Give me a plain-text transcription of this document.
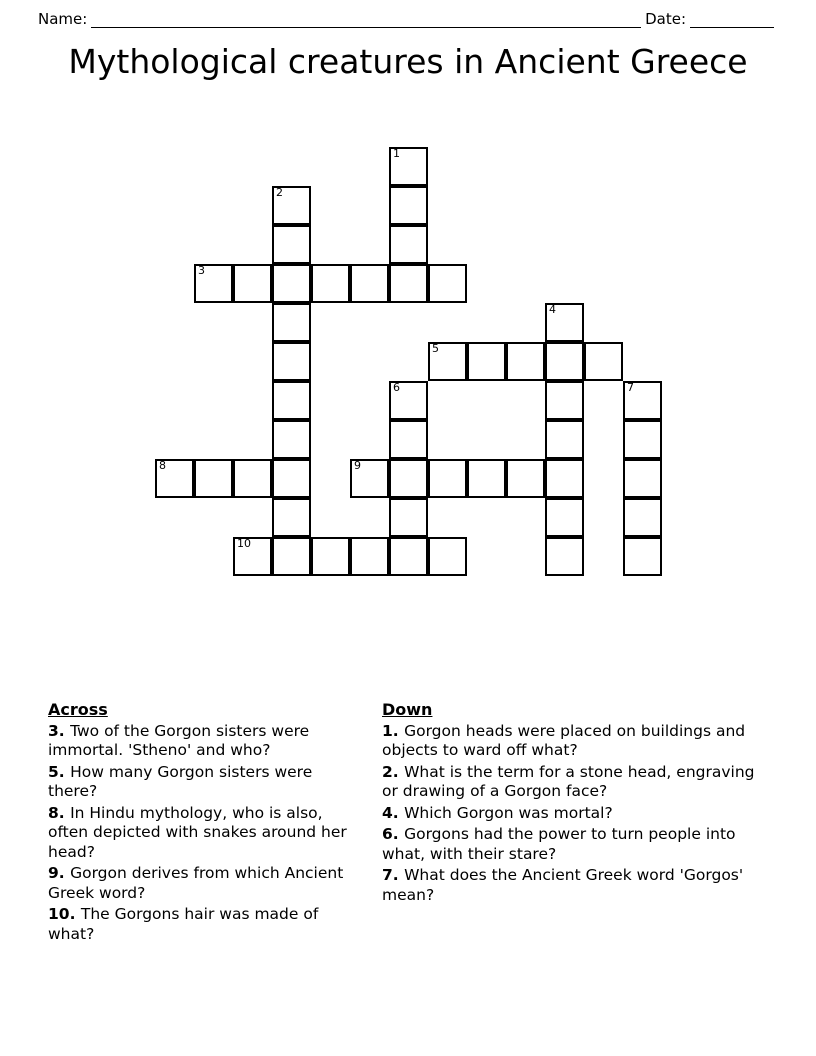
Name:	Date:
Mythological creatures in Ancient Greece
1
2
3
4
5
6	7
8	9
10
Across
3. Two of the Gorgon sisters were immortal. 'Stheno' and who?
5. How many Gorgon sisters were there?
8. In Hindu mythology, who is also, often depicted with snakes around her head?
9. Gorgon derives from which Ancient Greek word?
10. The Gorgons hair was made of what?
Down
1. Gorgon heads were placed on buildings and objects to ward off what?
2. What is the term for a stone head, engraving or drawing of a Gorgon face?
4. Which Gorgon was mortal?
6. Gorgons had the power to turn people into what, with their stare?
7. What does the Ancient Greek word 'Gorgos' mean?
